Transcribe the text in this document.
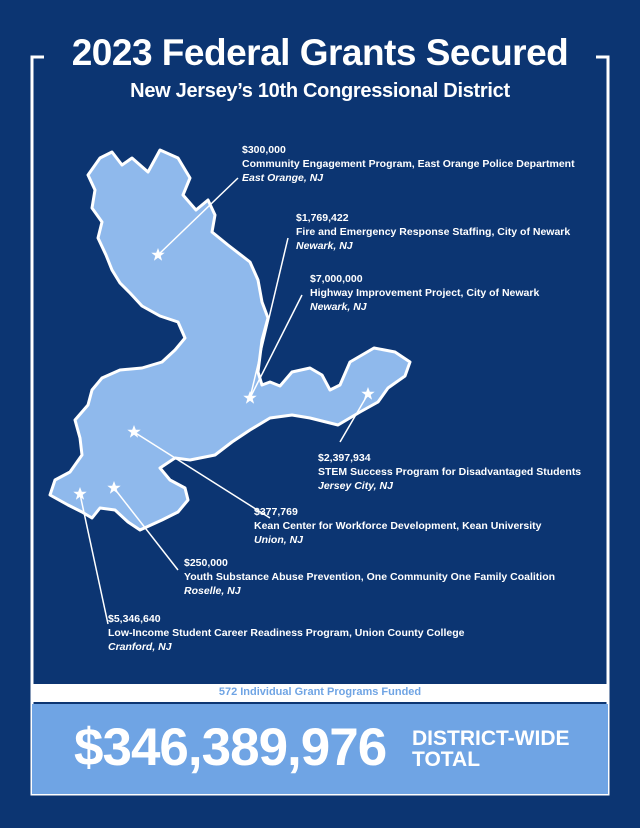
2023 Federal Grants Secured
New Jersey’s 10th Congressional District
$300,000
Community Engagement Program, East Orange Police Department
East Orange, NJ
$1,769,422
Fire and Emergency Response Staffing, City of Newark
Newark, NJ
$7,000,000
Highway Improvement Project, City of Newark
Newark, NJ
$2,397,934
STEM Success Program for Disadvantaged Students
Jersey City, NJ
$377,769
Kean Center for Workforce Development, Kean University
Union, NJ
$250,000
Youth Substance Abuse Prevention, One Community One Family Coalition
Roselle, NJ
$5,346,640
Low-Income Student Career Readiness Program, Union County College
Cranford, NJ
572 Individual Grant Programs Funded
$346,389,976 DISTRICT-WIDE
TOTAL
